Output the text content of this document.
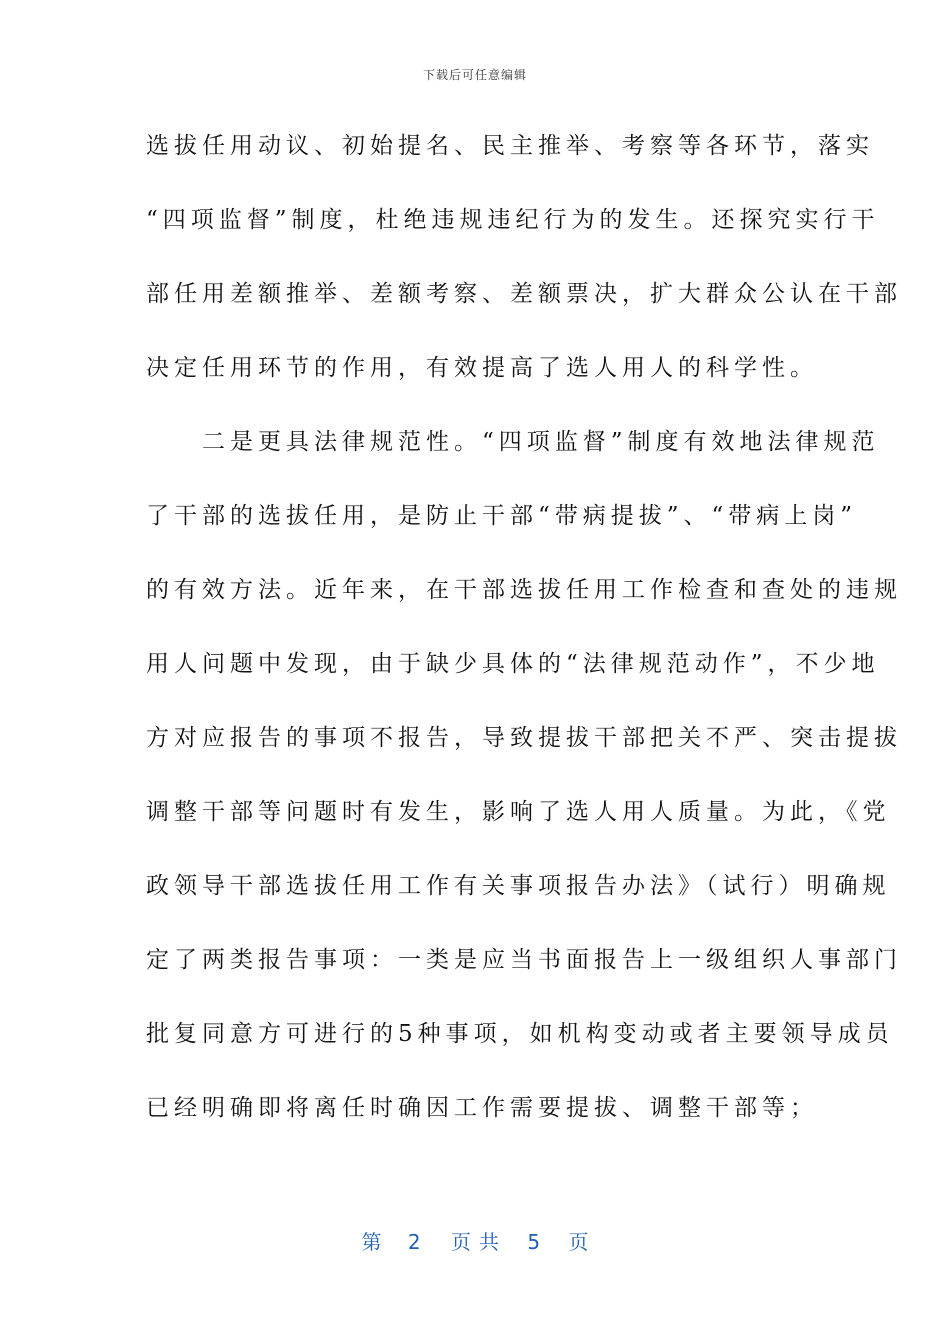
下载后可任意编辑
选拔任用动议、初始提名、民主推举、考察等各环节，落实
“四项监督”制度，杜绝违规违纪行为的发生。还探究实行干
部任用差额推举、差额考察、差额票决，扩大群众公认在干部
决定任用环节的作用，有效提高了选人用人的科学性。
　　二是更具法律规范性。“四项监督”制度有效地法律规范
了干部的选拔任用，是防止干部“带病提拔”、“带病上岗”
的有效方法。近年来，在干部选拔任用工作检查和查处的违规
用人问题中发现，由于缺少具体的“法律规范动作”，不少地
方对应报告的事项不报告，导致提拔干部把关不严、突击提拔
调整干部等问题时有发生，影响了选人用人质量。为此，《党
政领导干部选拔任用工作有关事项报告办法》（试行）明确规
定了两类报告事项：一类是应当书面报告上一级组织人事部门
批复同意方可进行的5种事项，如机构变动或者主要领导成员
已经明确即将离任时确因工作需要提拔、调整干部等；
第 2 页共 5 页
